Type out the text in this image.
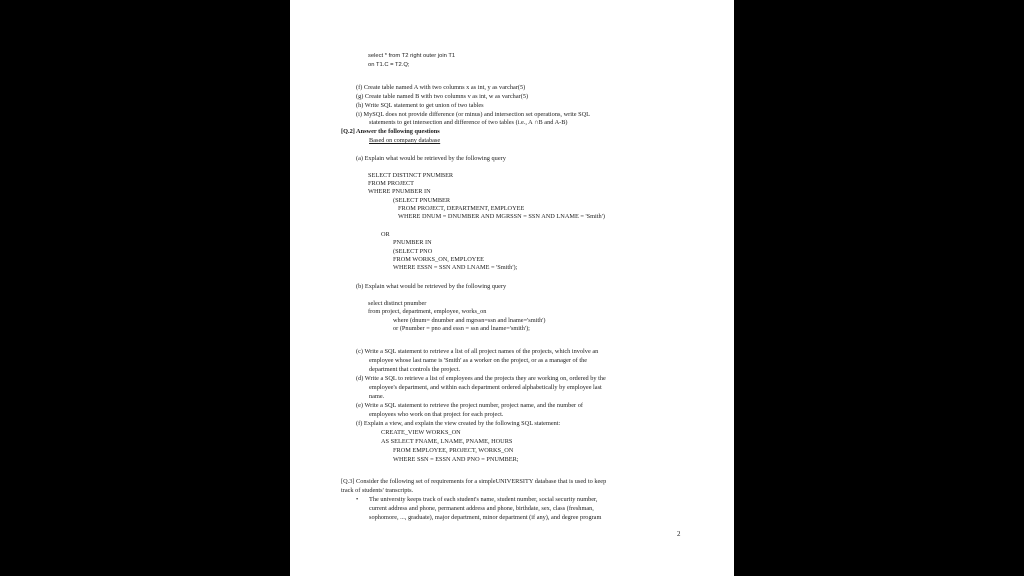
select * from T2 right outer join T1
on T1.C = T2.Q;
(f) Create table named A with two columns x as int, y as varchar(5)
(g) Create table named B with two columns v as int, w as varchar(5)
(h) Write SQL statement to get union of two tables
(i) MySQL does not provide difference (or minus) and intersection set operations, write SQL
statements to get intersection and difference of two tables (i.e., A ∩B and A-B)
[Q.2] Answer the following questions
Based on company database
(a) Explain what would be retrieved by the following query
SELECT DISTINCT PNUMBER
FROM PROJECT
WHERE PNUMBER IN
(SELECT PNUMBER
FROM PROJECT, DEPARTMENT, EMPLOYEE
WHERE DNUM = DNUMBER AND MGRSSN = SSN AND LNAME = 'Smith')
OR
PNUMBER IN
(SELECT PNO
FROM WORKS_ON, EMPLOYEE
WHERE ESSN = SSN AND LNAME = 'Smith');
(b) Explain what would be retrieved by the following query
select distinct pnumber
from project, department, employee, works_on
where (dnum= dnumber and mgrssn=ssn and lname='smith')
or (Pnumber = pno and essn = ssn and lname='smith');
(c) Write a SQL statement to retrieve a list of all project names of the projects, which involve an
employee whose last name is 'Smith' as a worker on the project, or as a manager of the
department that controls the project.
(d) Write a SQL to retrieve a list of employees and the projects they are working on, ordered by the
employee's department, and within each department ordered alphabetically by employee last
name.
(e) Write a SQL statement to retrieve the project number, project name, and the number of
employees who work on that project for each project.
(f) Explain a view, and explain the view created by the following SQL statement:
CREATE_VIEW WORKS_ON
AS SELECT FNAME, LNAME, PNAME, HOURS
FROM EMPLOYEE, PROJECT, WORKS_ON
WHERE SSN = ESSN AND PNO = PNUMBER;
[Q.3] Consider the following set of requirements for a simpleUNIVERSITY database that is used to keep
track of students' transcripts.
• The university keeps track of each student's name, student number, social security number,
current address and phone, permanent address and phone, birthdate, sex, class (freshman,
sophomore, ..., graduate), major department, minor department (if any), and degree program
2
